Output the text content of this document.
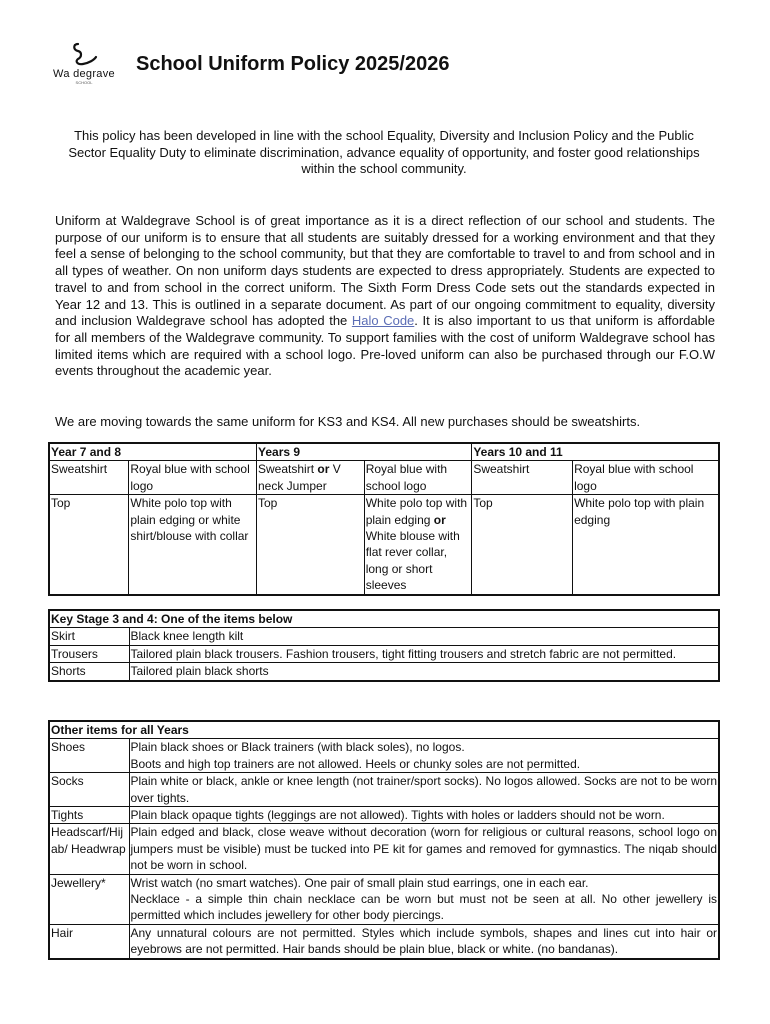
Wa degrave
SCHOOL
School Uniform Policy 2025/2026

This policy has been developed in line with the school Equality, Diversity and Inclusion Policy and the Public Sector Equality Duty to eliminate discrimination, advance equality of opportunity, and foster good relationships within the school community.

Uniform at Waldegrave School is of great importance as it is a direct reflection of our school and students. The purpose of our uniform is to ensure that all students are suitably dressed for a working environment and that they feel a sense of belonging to the school community, but that they are comfortable to travel to and from school and in all types of weather. On non uniform days students are expected to dress appropriately. Students are expected to travel to and from school in the correct uniform. The Sixth Form Dress Code sets out the standards expected in Year 12 and 13. This is outlined in a separate document. As part of our ongoing commitment to equality, diversity and inclusion Waldegrave school has adopted the Halo Code. It is also important to us that uniform is affordable for all members of the Waldegrave community. To support families with the cost of uniform Waldegrave school has limited items which are required with a school logo. Pre-loved uniform can also be purchased through our F.O.W events throughout the academic year.

We are moving towards the same uniform for KS3 and KS4. All new purchases should be sweatshirts.

Year 7 and 8		Years 9		Years 10 and 11	
Sweatshirt	Royal blue with school logo	Sweatshirt or V neck Jumper	Royal blue with school logo	Sweatshirt	Royal blue with school logo
Top	White polo top with plain edging or white shirt/blouse with collar	Top	White polo top with plain edging or White blouse with flat rever collar, long or short sleeves	Top	White polo top with plain edging
Key Stage 3 and 4: One of the items below	
Skirt	Black knee length kilt
Trousers	Tailored plain black trousers. Fashion trousers, tight fitting trousers and stretch fabric are not permitted.
Shorts	Tailored plain black shorts
Other items for all Years	
Shoes	Plain black shoes or Black trainers (with black soles), no logos.
Boots and high top trainers are not allowed. Heels or chunky soles are not permitted.

Socks	Plain white or black, ankle or knee length (not trainer/sport socks). No logos allowed. Socks are not to be worn over tights.
Tights	Plain black opaque tights (leggings are not allowed). Tights with holes or ladders should not be worn.
Headscarf/Hijab/ Headwrap	Plain edged and black, close weave without decoration (worn for religious or cultural reasons, school logo on jumpers must be visible) must be tucked into PE kit for games and removed for gymnastics. The niqab should not be worn in school.
Jewellery*	Wrist watch (no smart watches). One pair of small plain stud earrings, one in each ear.
Necklace - a simple thin chain necklace can be worn but must not be seen at all. No other jewellery is permitted which includes jewellery for other body piercings.

Hair	Any unnatural colours are not permitted. Styles which include symbols, shapes and lines cut into hair or eyebrows are not permitted. Hair bands should be plain blue, black or white. (no bandanas).
